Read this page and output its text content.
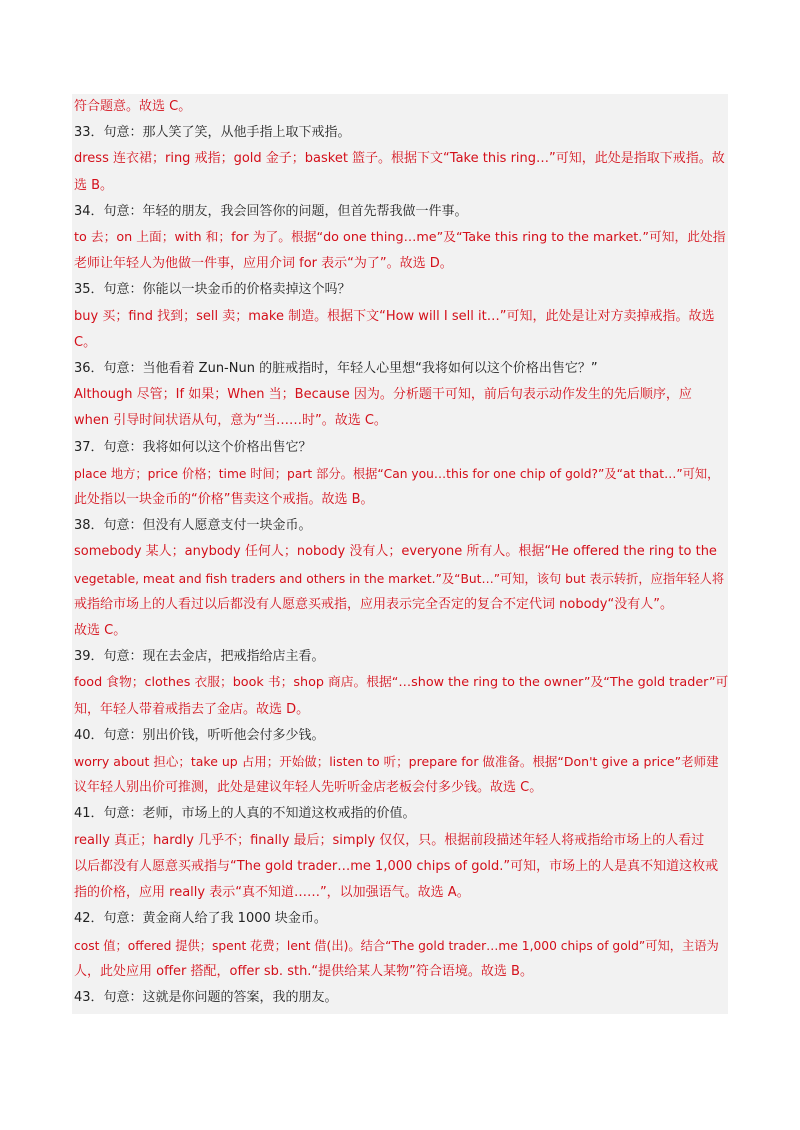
符合题意。故选 C。
33．句意：那人笑了笑，从他手指上取下戒指。
dress 连衣裙；ring 戒指；gold 金子；basket 篮子。根据下文“Take this ring…”可知，此处是指取下戒指。故
选 B。
34．句意：年轻的朋友，我会回答你的问题，但首先帮我做一件事。
to 去；on 上面；with 和；for 为了。根据“do one thing…me”及“Take this ring to the market.”可知，此处指
老师让年轻人为他做一件事，应用介词 for 表示“为了”。故选 D。
35．句意：你能以一块金币的价格卖掉这个吗？
buy 买；find 找到；sell 卖；make 制造。根据下文“How will I sell it…”可知，此处是让对方卖掉戒指。故选
C。
36．句意：当他看着 Zun-Nun 的脏戒指时，年轻人心里想“我将如何以这个价格出售它？”
Although 尽管；If 如果；When 当；Because 因为。分析题干可知，前后句表示动作发生的先后顺序，应
when 引导时间状语从句，意为“当……时”。故选 C。
37．句意：我将如何以这个价格出售它？
place 地方；price 价格；time 时间；part 部分。根据“Can you…this for one chip of gold?”及“at that…”可知，
此处指以一块金币的“价格”售卖这个戒指。故选 B。
38．句意：但没有人愿意支付一块金币。
somebody 某人；anybody 任何人；nobody 没有人；everyone 所有人。根据“He offered the ring to the
vegetable, meat and fish traders and others in the market.”及“But…”可知，该句 but 表示转折，应指年轻人将
戒指给市场上的人看过以后都没有人愿意买戒指，应用表示完全否定的复合不定代词 nobody“没有人”。
故选 C。
39．句意：现在去金店，把戒指给店主看。
food 食物；clothes 衣服；book 书；shop 商店。根据“…show the ring to the owner”及“The gold trader”可
知，年轻人带着戒指去了金店。故选 D。
40．句意：别出价钱，听听他会付多少钱。
worry about 担心；take up 占用；开始做；listen to 听；prepare for 做准备。根据“Don't give a price”老师建
议年轻人别出价可推测，此处是建议年轻人先听听金店老板会付多少钱。故选 C。
41．句意：老师，市场上的人真的不知道这枚戒指的价值。
really 真正；hardly 几乎不；finally 最后；simply 仅仅，只。根据前段描述年轻人将戒指给市场上的人看过
以后都没有人愿意买戒指与“The gold trader…me 1,000 chips of gold.”可知，市场上的人是真不知道这枚戒
指的价格，应用 really 表示“真不知道……”，以加强语气。故选 A。
42．句意：黄金商人给了我 1000 块金币。
cost 值；offered 提供；spent 花费；lent 借(出)。结合“The gold trader…me 1,000 chips of gold”可知，主语为
人，此处应用 offer 搭配，offer sb. sth.“提供给某人某物”符合语境。故选 B。
43．句意：这就是你问题的答案，我的朋友。
